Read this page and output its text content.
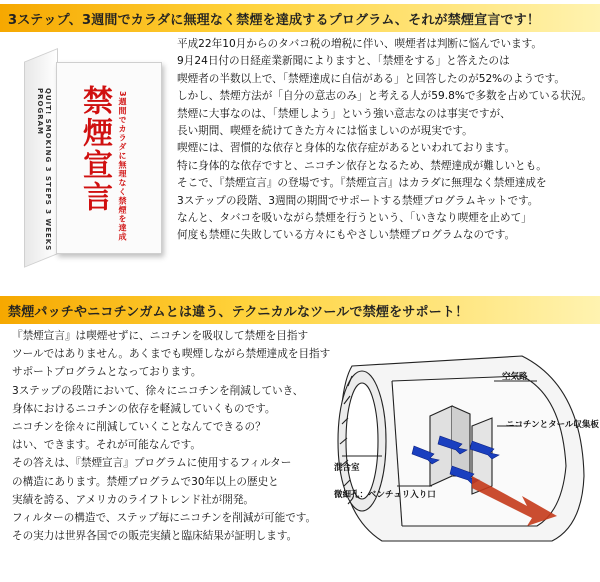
3ステップ、3週間でカラダに無理なく禁煙を達成するプログラム、それが禁煙宣言です！
QUIT! SMOKING 3 STEPS 3 WEEKS PROGRAM 禁煙宣言 3週間でカラダに無理なく禁煙を達成
平成22年10月からのタバコ税の増税に伴い、喫煙者は判断に悩んでいます。
9月24日付の日経産業新聞によりますと、「禁煙をする」と答えたのは
喫煙者の半数以上で、「禁煙達成に自信がある」と回答したのが52%のようです。
しかし、禁煙方法が「自分の意志のみ」と考える人が59.8%で多数を占めている状況。
禁煙に大事なのは、「禁煙しよう」という強い意志なのは事実ですが、
長い期間、喫煙を続けてきた方々には悩ましいのが現実です。
喫煙には、習慣的な依存と身体的な依存症があるといわれております。
特に身体的な依存ですと、ニコチン依存となるため、禁煙達成が難しいとも。
そこで、『禁煙宣言』の登場です。『禁煙宣言』はカラダに無理なく禁煙達成を
3ステップの段階、3週間の期間でサポートする禁煙プログラムキットです。
なんと、タバコを吸いながら禁煙を行うという、「いきなり喫煙を止めて」
何度も禁煙に失敗している方々にもやさしい禁煙プログラムなのです。
禁煙パッチやニコチンガムとは違う、テクニカルなツールで禁煙をサポート！
『禁煙宣言』は喫煙せずに、ニコチンを吸収して禁煙を目指す
ツールではありません。あくまでも喫煙しながら禁煙達成を目指す
サポートプログラムとなっております。
3ステップの段階において、徐々にニコチンを削減していき、
身体におけるニコチンの依存を軽減していくものです。
ニコチンを徐々に削減していくことなんてできるの？
はい、できます。それが可能なんです。
その答えは、『禁煙宣言』プログラムに使用するフィルター
の構造にあります。禁煙プログラムで30年以上の歴史と
実績を誇る、アメリカのライフトレンド社が開発。
フィルターの構造で、ステップ毎にニコチンを削減が可能です。
その実力は世界各国での販売実績と臨床結果が証明します。
空気路
ニコチンとタール収集板
混合室
微細孔：ベンチュリ入り口
